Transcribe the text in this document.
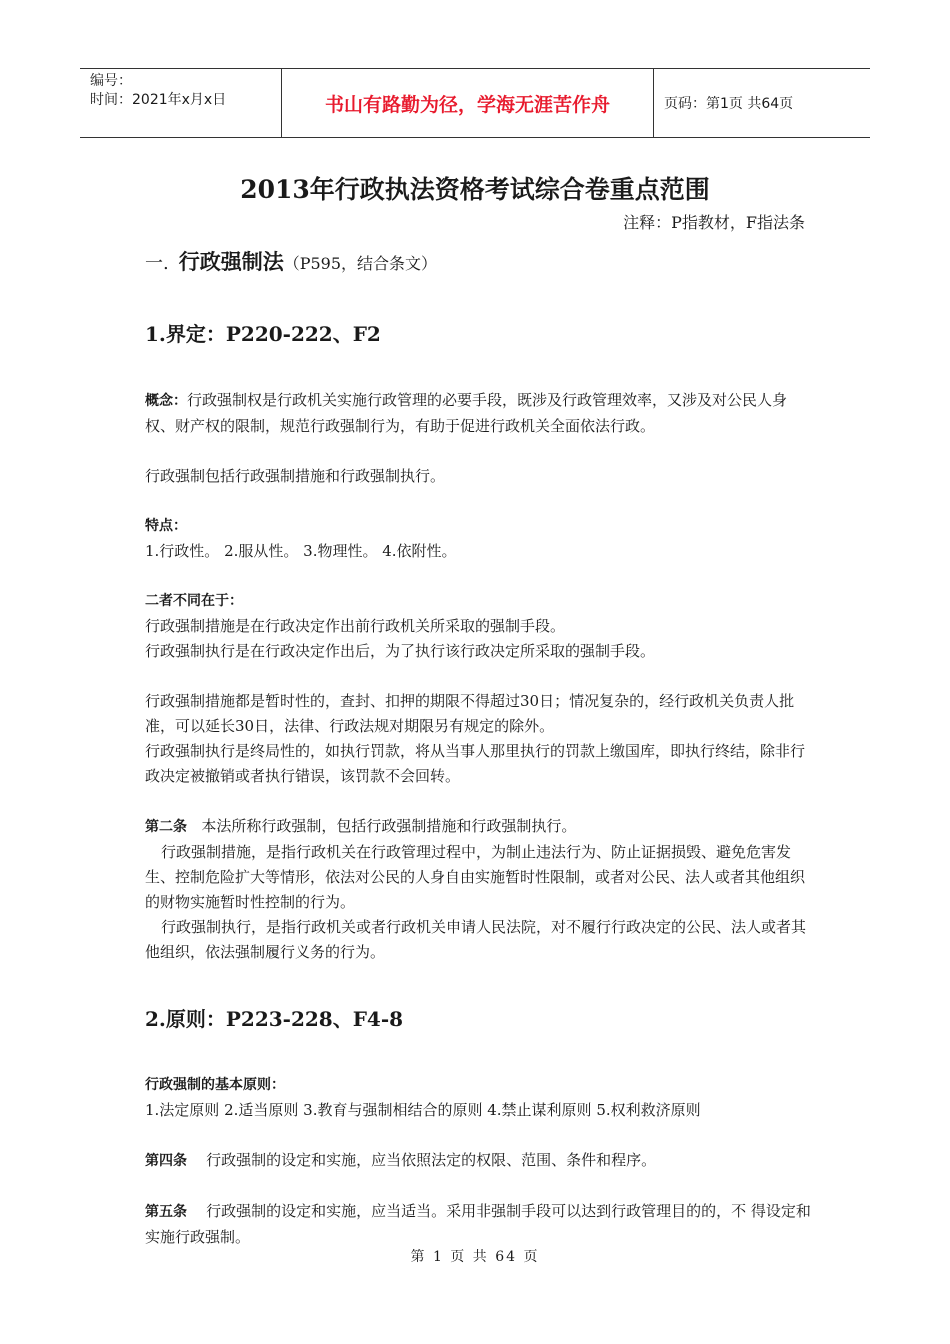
编号：
时间：2021年x月x日	书山有路勤为径，学海无涯苦作舟	页码：第1页 共64页
2013年行政执法资格考试综合卷重点范围
注释：P指教材，F指法条
一. 行政强制法（P595，结合条文）

1.界定：P220-222、F2

概念：行政强制权是行政机关实施行政管理的必要手段，既涉及行政管理效率，又涉及对公民人身权、财产权的限制，规范行政强制行为，有助于促进行政机关全面依法行政。

行政强制包括行政强制措施和行政强制执行。

特点：

1.行政性。 2.服从性。 3.物理性。 4.依附性。

二者不同在于：

行政强制措施是在行政决定作出前行政机关所采取的强制手段。

行政强制执行是在行政决定作出后，为了执行该行政决定所采取的强制手段。

行政强制措施都是暂时性的，查封、扣押的期限不得超过30日；情况复杂的，经行政机关负责人批准，可以延长30日，法律、行政法规对期限另有规定的除外。

行政强制执行是终局性的，如执行罚款，将从当事人那里执行的罚款上缴国库，即执行终结，除非行政决定被撤销或者执行错误，该罚款不会回转。

第二条 本法所称行政强制，包括行政强制措施和行政强制执行。

行政强制措施，是指行政机关在行政管理过程中，为制止违法行为、防止证据损毁、避免危害发生、控制危险扩大等情形，依法对公民的人身自由实施暂时性限制，或者对公民、法人或者其他组织的财物实施暂时性控制的行为。

行政强制执行，是指行政机关或者行政机关申请人民法院，对不履行行政决定的公民、法人或者其他组织，依法强制履行义务的行为。

2.原则：P223-228、F4-8

行政强制的基本原则：

1.法定原则 2.适当原则 3.教育与强制相结合的原则 4.禁止谋利原则 5.权利救济原则

第四条 行政强制的设定和实施，应当依照法定的权限、范围、条件和程序。

第五条 行政强制的设定和实施，应当适当。采用非强制手段可以达到行政管理目的的，不 得设定和实施行政强制。

第 1 页 共 64 页
